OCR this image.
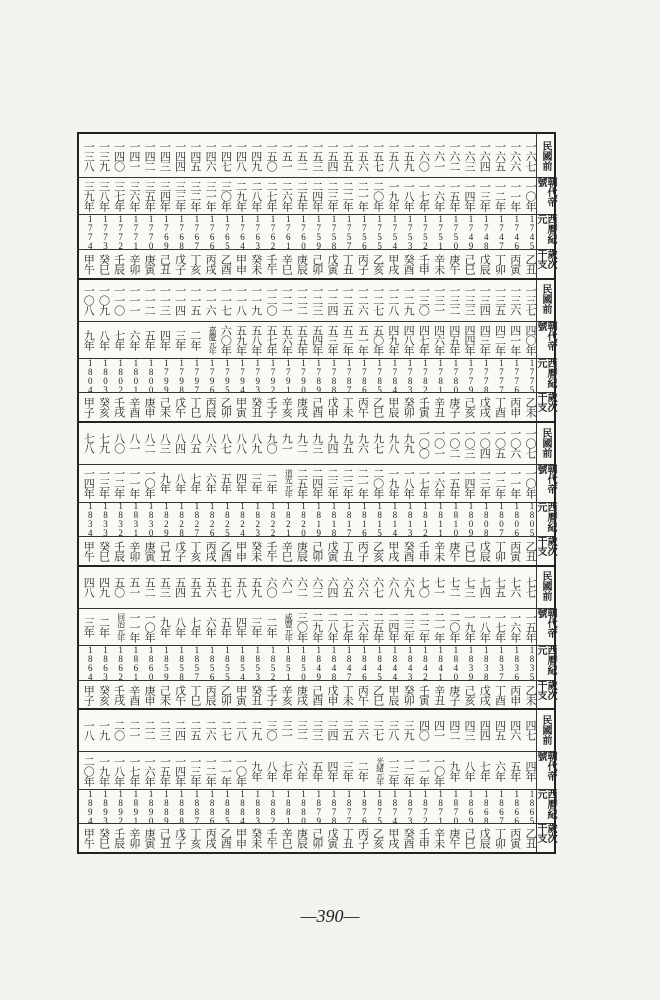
民國前
一三八 一三九 一四〇 一四一 一四二 一四三 一四四 一四五 一四六 一四七 一四八 一四九 一五〇 一五一 一五二 一五三 一五四 一五五 一五六 一五七 一五八 一五九 一六〇 一六一 一六二 一六三 一六四 一六五 一六六 一六七
朝代帝號
三九年 三八年 三七年 三六年 三五年 三四年 三三年 三二年 三一年 三〇年 二九年 二八年 二七年 二六年 二五年 二四年 二三年 二二年 二一年 二〇年 一九年 一八年 一七年 一六年 一五年 一四年 一三年 一二年 一一年 一〇年
西曆紀元
1774 1773 1772 1771 1770 1769 1768 1767 1766 1765 1764 1763 1762 1761 1760 1759 1758 1757 1756 1755 1754 1753 1752 1751 1750 1749 1748 1747 1746 1745
歲次干支
甲午 癸巳 壬辰 辛卯 庚寅 己丑 戊子 丁亥 丙戌 乙酉 甲申 癸未 壬午 辛巳 庚辰 己卯 戊寅 丁丑 丙子 乙亥 甲戌 癸酉 壬申 辛未 庚午 己巳 戊辰 丁卯 丙寅 乙丑
民國前
一〇八 一〇九 一一〇 一一一 一一二 一一三 一一四 一一五 一一六 一一七 一一八 一一九 一二〇 一二一 一二二 一二三 一二四 一二五 一二六 一二七 一二八 一二九 一三〇 一三一 一三二 一三三 一三四 一三五 一三六 一三七
朝代帝號
九年 八年 七年 六年 五年 四年 三年 二年 嘉慶元年 六〇年 五九年 五八年 五七年 五六年 五五年 五四年 五三年 五二年 五一年 五〇年 四九年 四八年 四七年 四六年 四五年 四四年 四三年 四二年 四一年 四〇年
西曆紀元
1804 1803 1802 1801 1800 1799 1798 1797 1796 1795 1794 1793 1792 1791 1790 1789 1788 1787 1786 1785 1784 1783 1782 1781 1780 1779 1778 1777 1776 1775
歲次干支
甲子 癸亥 壬戌 辛酉 庚申 己未 戊午 丁巳 丙辰 乙卯 甲寅 癸丑 壬子 辛亥 庚戌 己酉 戊申 丁未 丙午 乙巳 甲辰 癸卯 壬寅 辛丑 庚子 己亥 戊戌 丁酉 丙申 乙未
民國前
七八 七九 八〇 八一 八二 八三 八四 八五 八六 八七 八八 八九 九〇 九一 九二 九三 九四 九五 九六 九七 九八 九九 一〇〇 一〇一 一〇二 一〇三 一〇四 一〇五 一〇六 一〇七
朝代帝號
一四年 一三年 一二年 一一年 一〇年 九年 八年 七年 六年 五年 四年 三年 二年 道光元年 二五年 二四年 二三年 二二年 二一年 二〇年 一九年 一八年 一七年 一六年 一五年 一四年 一三年 一二年 一一年 一〇年
西曆紀元
1834 1833 1832 1831 1830 1829 1828 1827 1826 1825 1824 1823 1822 1821 1820 1819 1818 1817 1816 1815 1814 1813 1812 1811 1810 1809 1808 1807 1806 1805
歲次干支
甲午 癸巳 壬辰 辛卯 庚寅 己丑 戊子 丁亥 丙戌 乙酉 甲申 癸未 壬午 辛巳 庚辰 己卯 戊寅 丁丑 丙子 乙亥 甲戌 癸酉 壬申 辛未 庚午 己巳 戊辰 丁卯 丙寅 乙丑
民國前
四八 四九 五〇 五一 五二 五三 五四 五五 五六 五七 五八 五九 六〇 六一 六二 六三 六四 六五 六六 六七 六八 六九 七〇 七一 七二 七三 七四 七五 七六 七七
朝代帝號
三年 二年 同治元年 一一年 一〇年 九年 八年 七年 六年 五年 四年 三年 二年 咸豐元年 三〇年 二九年 二八年 二七年 二六年 二五年 二四年 二三年 二二年 二一年 二〇年 一九年 一八年 一七年 一六年 一五年
西曆紀元
1864 1863 1862 1861 1860 1859 1858 1857 1856 1855 1854 1853 1852 1851 1850 1849 1848 1847 1846 1845 1844 1843 1842 1841 1840 1839 1838 1837 1836 1835
歲次干支
甲子 癸亥 壬戌 辛酉 庚申 己未 戊午 丁巳 丙辰 乙卯 甲寅 癸丑 壬子 辛亥 庚戌 己酉 戊申 丁未 丙午 乙巳 甲辰 癸卯 壬寅 辛丑 庚子 己亥 戊戌 丁酉 丙申 乙未
民國前
一八 一九 二〇 二一 二二 二三 二四 二五 二六 二七 二八 二九 三〇 三一 三二 三三 三四 三五 三六 三七 三八 三九 四〇 四一 四二 四三 四四 四五 四六 四七
朝代帝號
二〇年 一九年 一八年 一七年 一六年 一五年 一四年 一三年 一二年 一一年 一〇年 九年 八年 七年 六年 五年 四年 三年 二年 光緒元年 一三年 一二年 一一年 一〇年 九年 八年 七年 六年 五年 四年
西曆紀元
1894 1893 1892 1891 1890 1889 1888 1887 1886 1885 1884 1883 1882 1881 1880 1879 1878 1877 1876 1875 1874 1873 1872 1871 1870 1869 1868 1867 1866 1865
歲次干支
甲午 癸巳 壬辰 辛卯 庚寅 己丑 戊子 丁亥 丙戌 乙酉 甲申 癸未 壬午 辛巳 庚辰 己卯 戊寅 丁丑 丙子 乙亥 甲戌 癸酉 壬申 辛未 庚午 己巳 戊辰 丁卯 丙寅 乙丑
—390—
